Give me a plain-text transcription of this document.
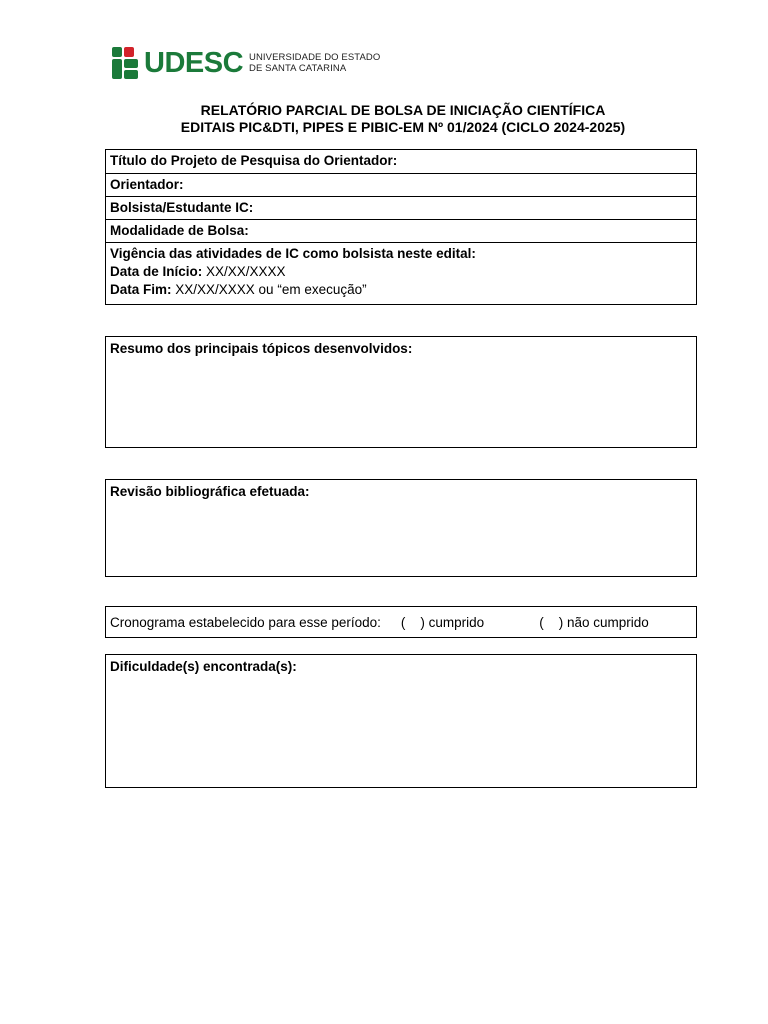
UDESC UNIVERSIDADE DO ESTADO
DE SANTA CATARINA
RELATÓRIO PARCIAL DE BOLSA DE INICIAÇÃO CIENTÍFICA
EDITAIS PIC&DTI, PIPES E PIBIC-EM Nº 01/2024 (CICLO 2024-2025)
Título do Projeto de Pesquisa do Orientador:
Orientador:
Bolsista/Estudante IC:
Modalidade de Bolsa:
Vigência das atividades de IC como bolsista neste edital:
Data de Início: XX/XX/XXXX
Data Fim: XX/XX/XXXX ou “em execução”
Resumo dos principais tópicos desenvolvidos:
Revisão bibliográfica efetuada:
Cronograma estabelecido para esse período: (    ) cumprido	(    ) não cumprido
Dificuldade(s) encontrada(s):
